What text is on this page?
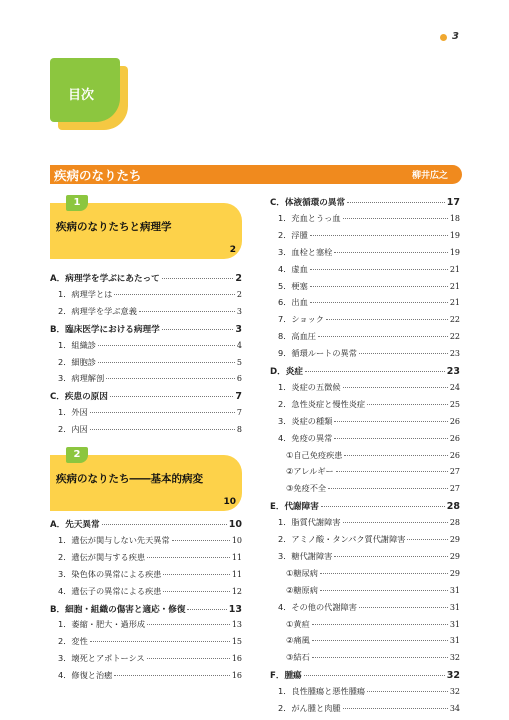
3
目次
疾病のなりたち	柳井広之
1
疾病のなりたちと病理学
2
2
疾病のなりたち――基本的病変
10
A．病理学を学ぶにあたって	2
1．病理学とは	2
2．病理学を学ぶ意義	3
B．臨床医学における病理学	3
1．組織診	4
2．細胞診	5
3．病理解剖	6
C．疾患の原因	7
1．外因	7
2．内因	8
A．先天異常	10
1．遺伝が関与しない先天異常	10
2．遺伝が関与する疾患	11
3．染色体の異常による疾患	11
4．遺伝子の異常による疾患	12
B．細胞・組織の傷害と適応・修復	13
1．萎縮・肥大・過形成	13
2．変性	15
3．壊死とアポトーシス	16
4．修復と治癒	16
C．体液循環の異常	17
1．充血とうっ血	18
2．浮腫	19
3．血栓と塞栓	19
4．虚血	21
5．梗塞	21
6．出血	21
7．ショック	22
8．高血圧	22
9．循環ルートの異常	23
D．炎症	23
1．炎症の五徴候	24
2．急性炎症と慢性炎症	25
3．炎症の種類	26
4．免疫の異常	26
①自己免疫疾患	26
②アレルギー	27
③免疫不全	27
E．代謝障害	28
1．脂質代謝障害	28
2．アミノ酸・タンパク質代謝障害	29
3．糖代謝障害	29
①糖尿病	29
②糖原病	31
4．その他の代謝障害	31
①黄疸	31
②痛風	31
③結石	32
F．腫瘍	32
1．良性腫瘍と悪性腫瘍	32
2．がん腫と肉腫	34
